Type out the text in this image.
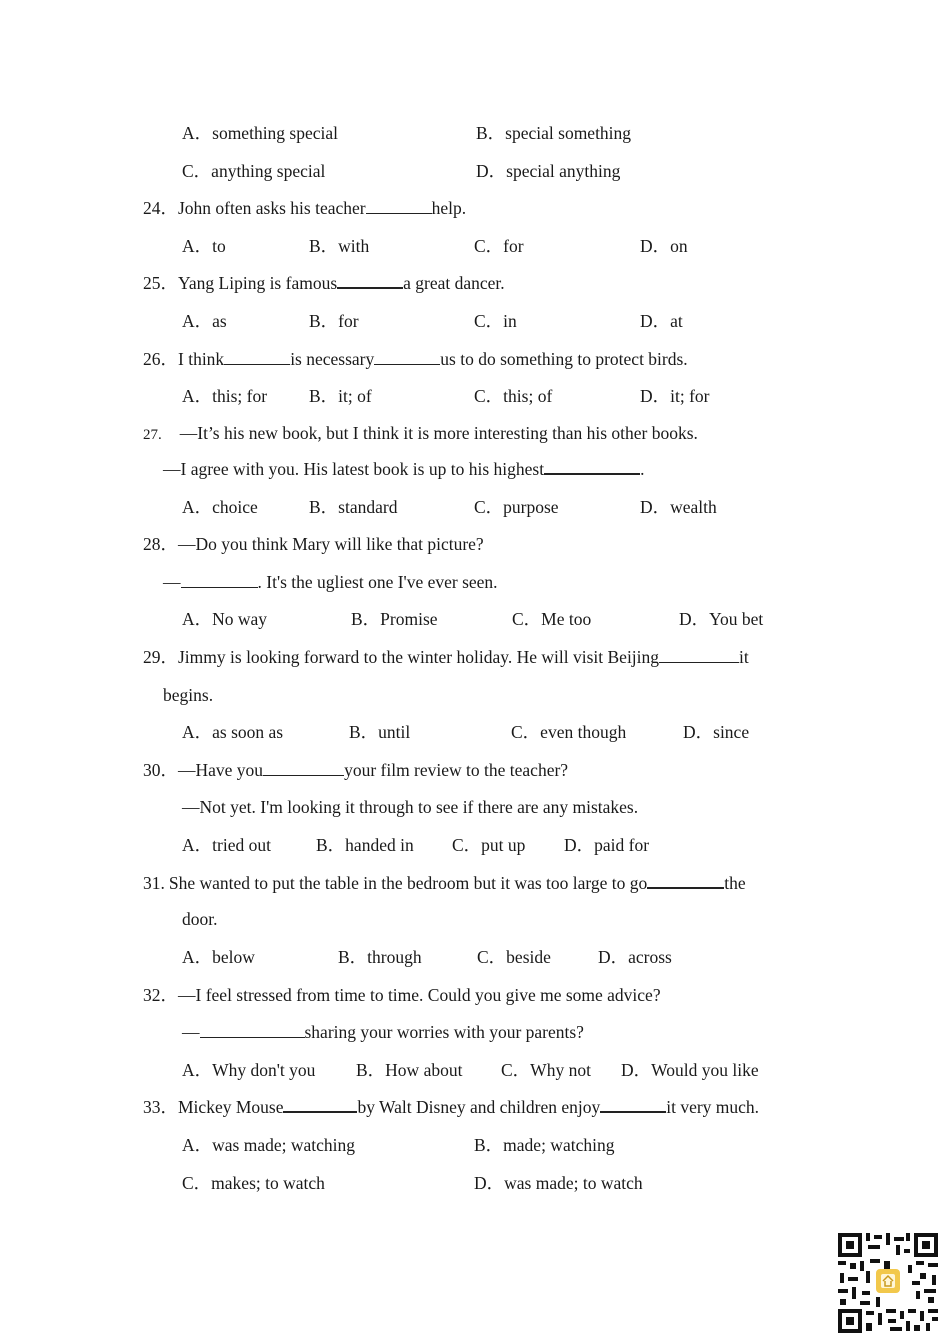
A．something special	B．special something
C．anything special	D．special anything
24．John often asks his teacher	help.
A．to	B．with	C．for	D．on
25．Yang Liping is famous	a great dancer.
A．as	B．for	C．in	D．at
26．I think	is necessary	us to do something to protect birds.
A．this; for B．it; of	C．this; of	D．it; for
27. —It’s his new book, but I think it is more interesting than his other books.
—I agree with you. His latest book is up to his highest	.
A．choice	B．standard	C．purpose	D．wealth
28．—Do you think Mary will like that picture?
—	. It's the ugliest one I've ever seen.
A．No way	B．Promise	C．Me too	D．You bet
29．Jimmy is looking forward to the winter holiday. He will visit Beijing	it
begins.
A．as soon as	B．until	C．even though	D．since
30．—Have you	your film review to the teacher?
—Not yet. I'm looking it through to see if there are any mistakes.
A．tried out	B．handed in C．put up D．paid for
31. She wanted to put the table in the bedroom but it was too large to go	the
door.
A．below	B．through	C．beside	D．across
32．—I feel stressed from time to time. Could you give me some advice?
—	sharing your worries with your parents?
A．Why don't you B．How about C．Why not D．Would you like
33．Mickey Mouse	by Walt Disney and children enjoy	it very much.
A．was made; watching	B．made; watching
C．makes; to watch	D．was made; to watch
